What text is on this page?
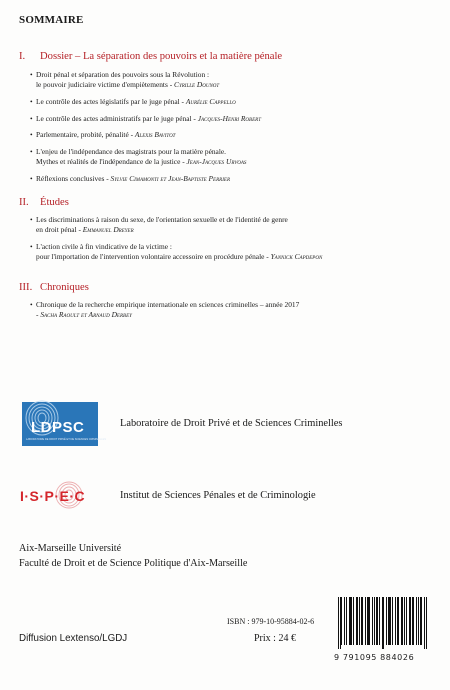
SOMMAIRE
I. Dossier – La séparation des pouvoirs et la matière pénale
• Droit pénal et séparation des pouvoirs sous la Révolution :
le pouvoir judiciaire victime d'empiètements - Cyrille Dounot
• Le contrôle des actes législatifs par le juge pénal - Aurélie Cappello
• Le contrôle des actes administratifs par le juge pénal - Jacques-Henri Robert
• Parlementaire, probité, pénalité - Alexis Bavitot
• L'enjeu de l'indépendance des magistrats pour la matière pénale.
Mythes et réalités de l'indépendance de la justice - Jean-Jacques Urvoas
• Réflexions conclusives - Sylvie Cimamonti et Jean-Baptiste Perrier
II. Études
• Les discriminations à raison du sexe, de l'orientation sexuelle et de l'identité de genre
en droit pénal - Emmanuel Dreyer
• L'action civile à fin vindicative de la victime :
pour l'importation de l'intervention volontaire accessoire en procédure pénale - Yannick Capdepon
III. Chroniques
• Chronique de la recherche empirique internationale en sciences criminelles – année 2017
- Sacha Raoult et Arnaud Derbey
LDPSC
LABORATOIRE DE DROIT PRIVÉ ET DE SCIENCES CRIMINELLES
Laboratoire de Droit Privé et de Sciences Criminelles
I·S·P·E·C	Institut de Sciences Pénales et de Criminologie
Aix-Marseille Université
Faculté de Droit et de Science Politique d'Aix-Marseille
ISBN : 979-10-95884-02-6
Prix : 24 €
Diffusion Lextenso/LGDJ
9 791095 884026
